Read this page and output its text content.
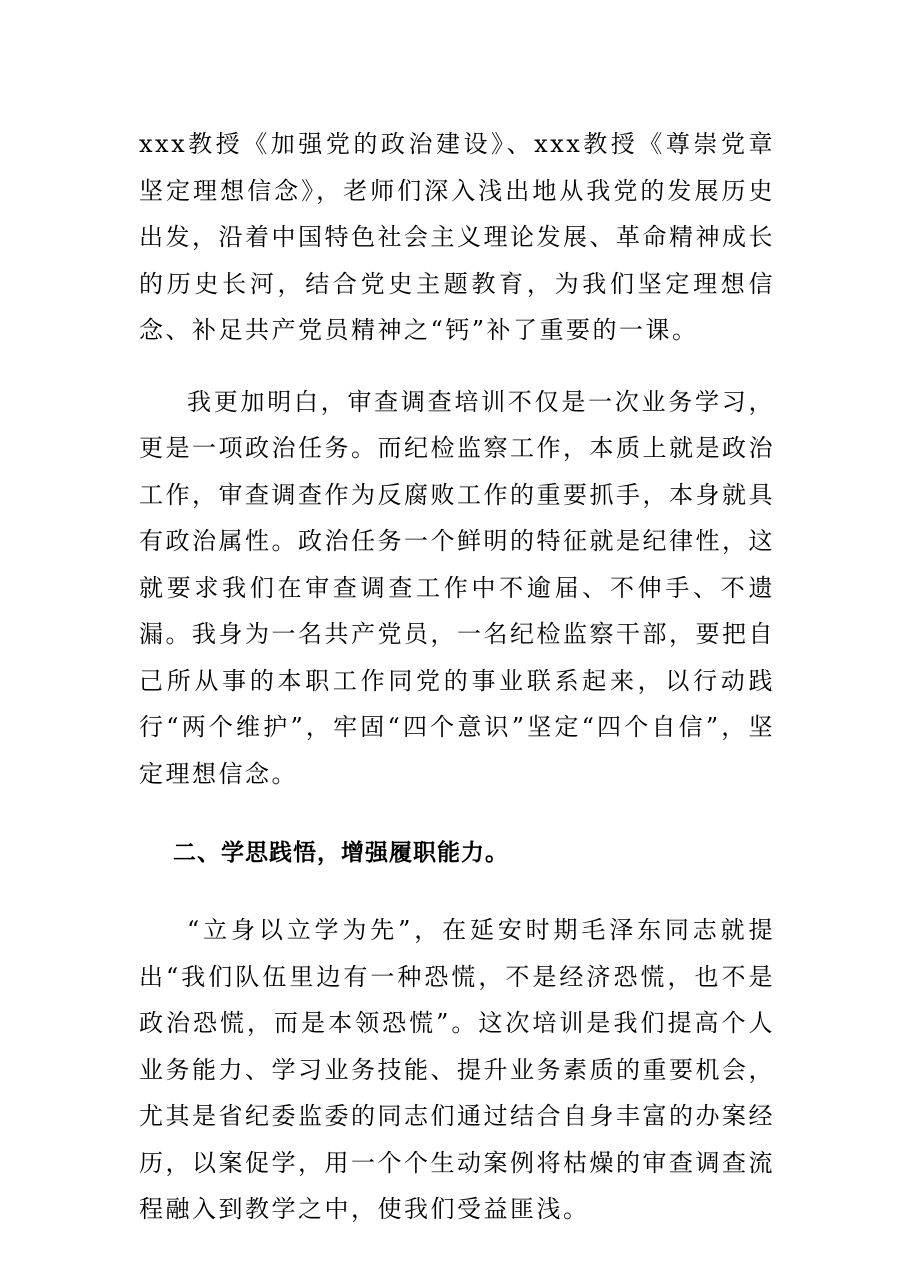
xxx教授《加强党的政治建设》、xxx教授《尊崇党章坚定理想信念》，老师们深入浅出地从我党的发展历史出发，沿着中国特色社会主义理论发展、革命精神成长的历史长河，结合党史主题教育，为我们坚定理想信念、补足共产党员精神之“钙”补了重要的一课。

我更加明白，审查调查培训不仅是一次业务学习，更是一项政治任务。而纪检监察工作，本质上就是政治工作，审查调查作为反腐败工作的重要抓手，本身就具有政治属性。政治任务一个鲜明的特征就是纪律性，这就要求我们在审查调查工作中不逾届、不伸手、不遗漏。我身为一名共产党员，一名纪检监察干部，要把自己所从事的本职工作同党的事业联系起来，以行动践行“两个维护”，牢固“四个意识”坚定“四个自信”，坚定理想信念。

二、学思践悟，增强履职能力。

“立身以立学为先”，在延安时期毛泽东同志就提出“我们队伍里边有一种恐慌，不是经济恐慌，也不是政治恐慌，而是本领恐慌”。这次培训是我们提高个人业务能力、学习业务技能、提升业务素质的重要机会，尤其是省纪委监委的同志们通过结合自身丰富的办案经历，以案促学，用一个个生动案例将枯燥的审查调查流程融入到教学之中，使我们受益匪浅。
